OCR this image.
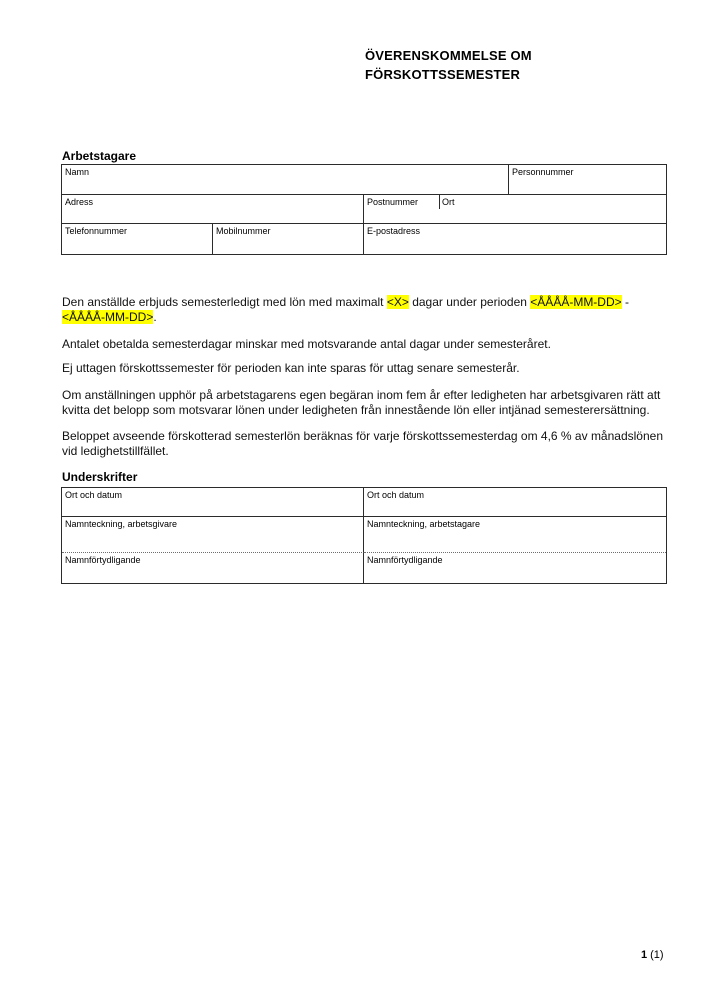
ÖVERENSKOMMELSE OM
FÖRSKOTTSSEMESTER
Arbetstagare
Namn	Personnummer
Adress	Postnummer	Ort
Telefonnummer	Mobilnummer	E-postadress
Den anställde erbjuds semesterledigt med lön med maximalt <X> dagar under perioden <ÅÅÅÅ-MM-DD> -
<ÅÅÅÅ-MM-DD>.
Antalet obetalda semesterdagar minskar med motsvarande antal dagar under semesteråret.
Ej uttagen förskottssemester för perioden kan inte sparas för uttag senare semesterår.
Om anställningen upphör på arbetstagarens egen begäran inom fem år efter ledigheten har arbetsgivaren rätt att
kvitta det belopp som motsvarar lönen under ledigheten från innestående lön eller intjänad semesterersättning.
Beloppet avseende förskotterad semesterlön beräknas för varje förskottssemesterdag om 4,6 % av månadslönen
vid ledighetstillfället.
Underskrifter
Ort och datum	Ort och datum
Namnteckning, arbetsgivare	Namnteckning, arbetstagare
Namnförtydligande	Namnförtydligande
1 (1)
